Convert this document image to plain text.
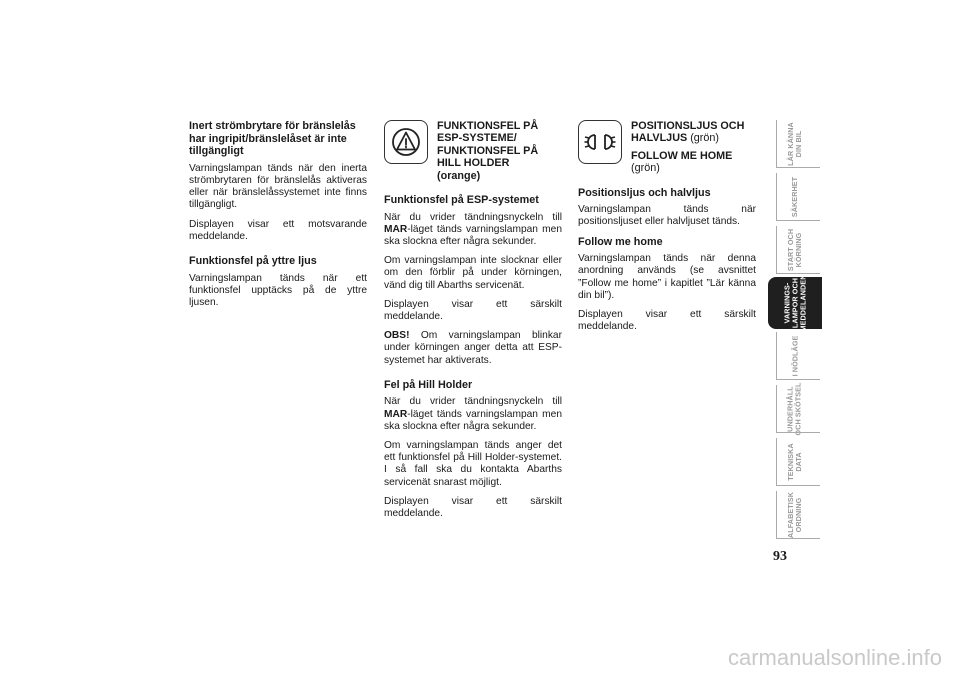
Inert strömbrytare för bränslelås har ingripit/bränslelåset är inte tillgängligt

Varningslampan tänds när den inerta strömbrytaren för bränslelås aktiveras eller när bränslelåssystemet inte finns tillgängligt.

Displayen visar ett motsvarande meddelande.

Funktionsfel på yttre ljus

Varningslampan tänds när ett funktionsfel upptäcks på de yttre ljusen.

FUNKTIONSFEL PÅ ESP-SYSTEME/ FUNKTIONSFEL PÅ HILL HOLDER
(orange)
Funktionsfel på ESP-systemet

När du vrider tändningsnyckeln till MAR-läget tänds varningslampan men ska slockna efter några sekunder.

Om varningslampan inte slocknar eller om den förblir på under körningen, vänd dig till Abarths servicenät.

Displayen visar ett särskilt meddelande.

OBS! Om varningslampan blinkar under körningen anger detta att ESP-systemet har aktiverats.

Fel på Hill Holder

När du vrider tändningsnyckeln till MAR-läget tänds varningslampan men ska slockna efter några sekunder.

Om varningslampan tänds anger det ett funktionsfel på Hill Holder-systemet. I så fall ska du kontakta Abarths servicenät snarast möjligt.

Displayen visar ett särskilt meddelande.

POSITIONSLJUS OCH HALVLJUS (grön)
FOLLOW ME HOME
(grön)
Positionsljus och halvljus

Varningslampan tänds när positionsljuset eller halvljuset tänds.

Follow me home

Varningslampan tänds när denna anordning används (se avsnittet ”Follow me home” i kapitlet ”Lär känna din bil”).

Displayen visar ett särskilt meddelande.

LÄR KÄNNA
DIN BIL
SÄKERHET
START OCH
KÖRNING
VARNINGS-
LAMPOR OCH
MEDDELANDEN
I NÖDLÄGE
UNDERHÅLL
OCH SKÖTSEL
TEKNISKA
DATA
ALFABETISK
ORDNING
93
carmanualsonline.info
